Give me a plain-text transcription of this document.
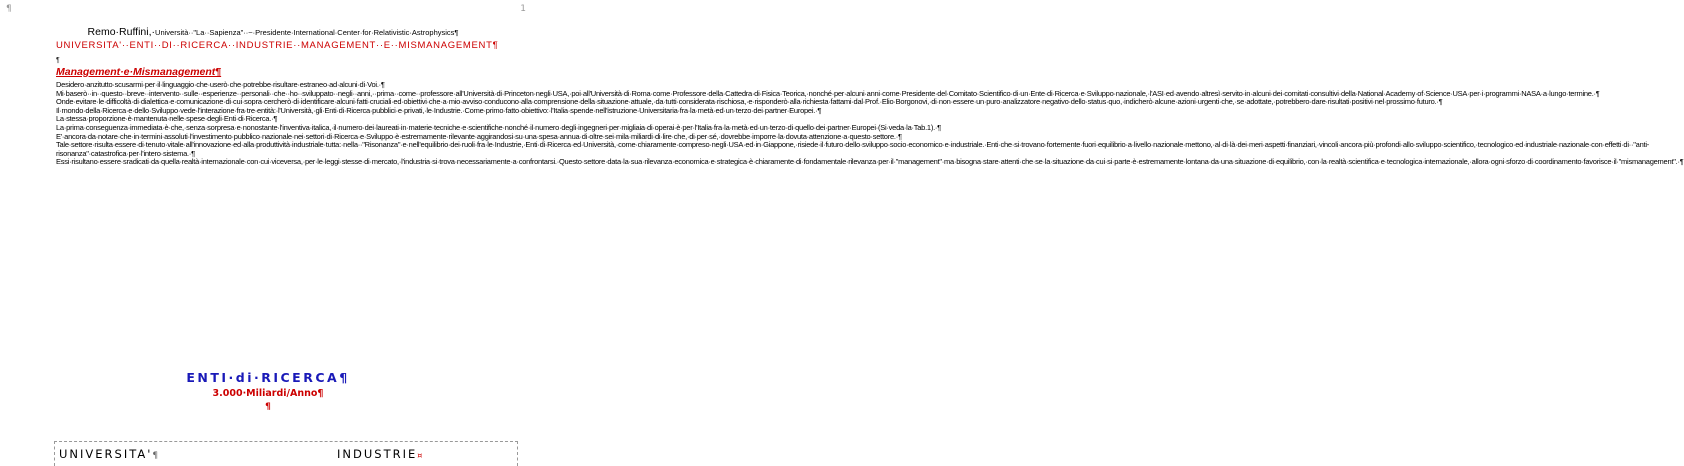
¶	1
Remo·Ruffini,·Università··"La··Sapienza"··~·Presidente·International·Center·for·Relativistic·Astrophysics¶
UNIVERSITA'··ENTI··DI··RICERCA··INDUSTRIE··MANAGEMENT··E··MISMANAGEMENT¶
¶
Management·e·Mismanagement¶

Desidero·anzitutto·scusarmi·per·il·linguaggio·che·userò·che·potrebbe·risultare·estraneo·ad·alcuni·di·Voi.·¶

Mi·baserò··in··questo··breve··intervento··sulle··esperienze··personali··che··ho··sviluppato··negli··anni,··prima··come··professore·all'Università·di·Princeton·negli·USA,·poi·all'Università·di·Roma·come·Professore·della·Cattedra·di·Fisica·Teorica,·nonché·per·alcuni·anni·come·Presidente·del·Comitato·Scientifico·di·un·Ente·di·Ricerca·e·Sviluppo·nazionale,·l'ASI·ed·avendo·altresì·servito·in·alcuni·dei·comitati·consultivi·della·National·Academy·of·Science·USA·per·i·programmi·NASA·a·lungo·termine.·¶

Onde·evitare·le·difficoltà·di·dialettica·e·comunicazione·di·cui·sopra·cercherò·di·identificare·alcuni·fatti·cruciali·ed·obiettivi·che·a·mio·avviso·conducono·alla·comprensione·della·situazione·attuale,·da·tutti·considerata·rischiosa,·e·risponderò·alla·richiesta·fattami·dal·Prof.·Elio·Borgonovi,·di·non·essere·un·puro·analizzatore·negativo·dello·status·quo,·indicherò·alcune·azioni·urgenti·che,·se·adottate,·potrebbero·dare·risultati·positivi·nel·prossimo·futuro.·¶

Il·mondo·della·Ricerca·e·dello·Sviluppo·vede·l'interazione·fra·tre·entità:·l'Università,·gli·Enti·di·Ricerca·pubblici·e·privati,·le·Industrie.·Come·primo·fatto·obiettivo:·l'Italia·spende·nell'istruzione·Universitaria·fra·la·metà·ed·un·terzo·dei·partner·Europei.·¶

La·stessa·proporzione·è·mantenuta·nelle·spese·degli·Enti·di·Ricerca.·¶

La·prima·conseguenza·immediata·è·che,·senza·sorpresa·e·nonostante·l'inventiva·italica,·il·numero·dei·laureati·in·materie·tecniche·e·scientifiche·nonché·il·numero·degli·ingegneri·per·migliaia·di·operai·è·per·l'Italia·fra·la·metà·ed·un·terzo·di·quello·dei·partner·Europei·(Si·veda·la·Tab.1).·¶

E'·ancora·da·notare·che·in·termini·assoluti·l'investimento·pubblico·nazionale·nei·settori·di·Ricerca·e·Sviluppo·è·estremamente·rilevante·aggirandosi·su·una·spesa·annua·di·oltre·sei·mila·miliardi·di·lire·che,·di·per·sé,·dovrebbe·imporre·la·dovuta·attenzione·a·questo·settore.·¶

Tale·settore·risulta·essere·di·tenuto·vitale·all'innovazione·ed·alla·produttività·industriale·tutta:·nella··"Risonanza"·e·nell'equilibrio·dei·ruoli·fra·le·Industrie,·Enti·di·Ricerca·ed·Università,·come·chiaramente·compreso·negli·USA·ed·in·Giappone,·risiede·il·futuro·dello·sviluppo·socio·economico·e·industriale.·Enti·che·si·trovano·fortemente·fuori·equilibrio·a·livello·nazionale·mettono,·al·di·là·dei·meri·aspetti·finanziari,·vincoli·ancora·più·profondi·allo·sviluppo·scientifico,·tecnologico·ed·industriale·nazionale·con·effetti·di··"anti-risonanza"·catastrofica·per·l'intero·sistema.·¶

Essi·risultano·essere·sradicati·da·quella·realtà·internazionale·con·cui·viceversa,·per·le·leggi·stesse·di·mercato,·l'industria·si·trova·necessariamente·a·confrontarsi.·Questo·settore·data·la·sua·rilevanza·economica·e·strategica·è·chiaramente·di·fondamentale·rilevanza·per·il·"management"·ma·bisogna·stare·attenti·che·se·la·situazione·da·cui·si·parte·è·estremamente·lontana·da·una·situazione·di·equilibrio,·con·la·realtà·scientifica·e·tecnologica·internazionale,·allora·ogni·sforzo·di·coordinamento·favorisce·il·"mismanagement".·¶

ENTI·di·RICERCA¶
3.000·Miliardi/Anno¶
¶
UNIVERSITA'¶	INDUSTRIE¤
